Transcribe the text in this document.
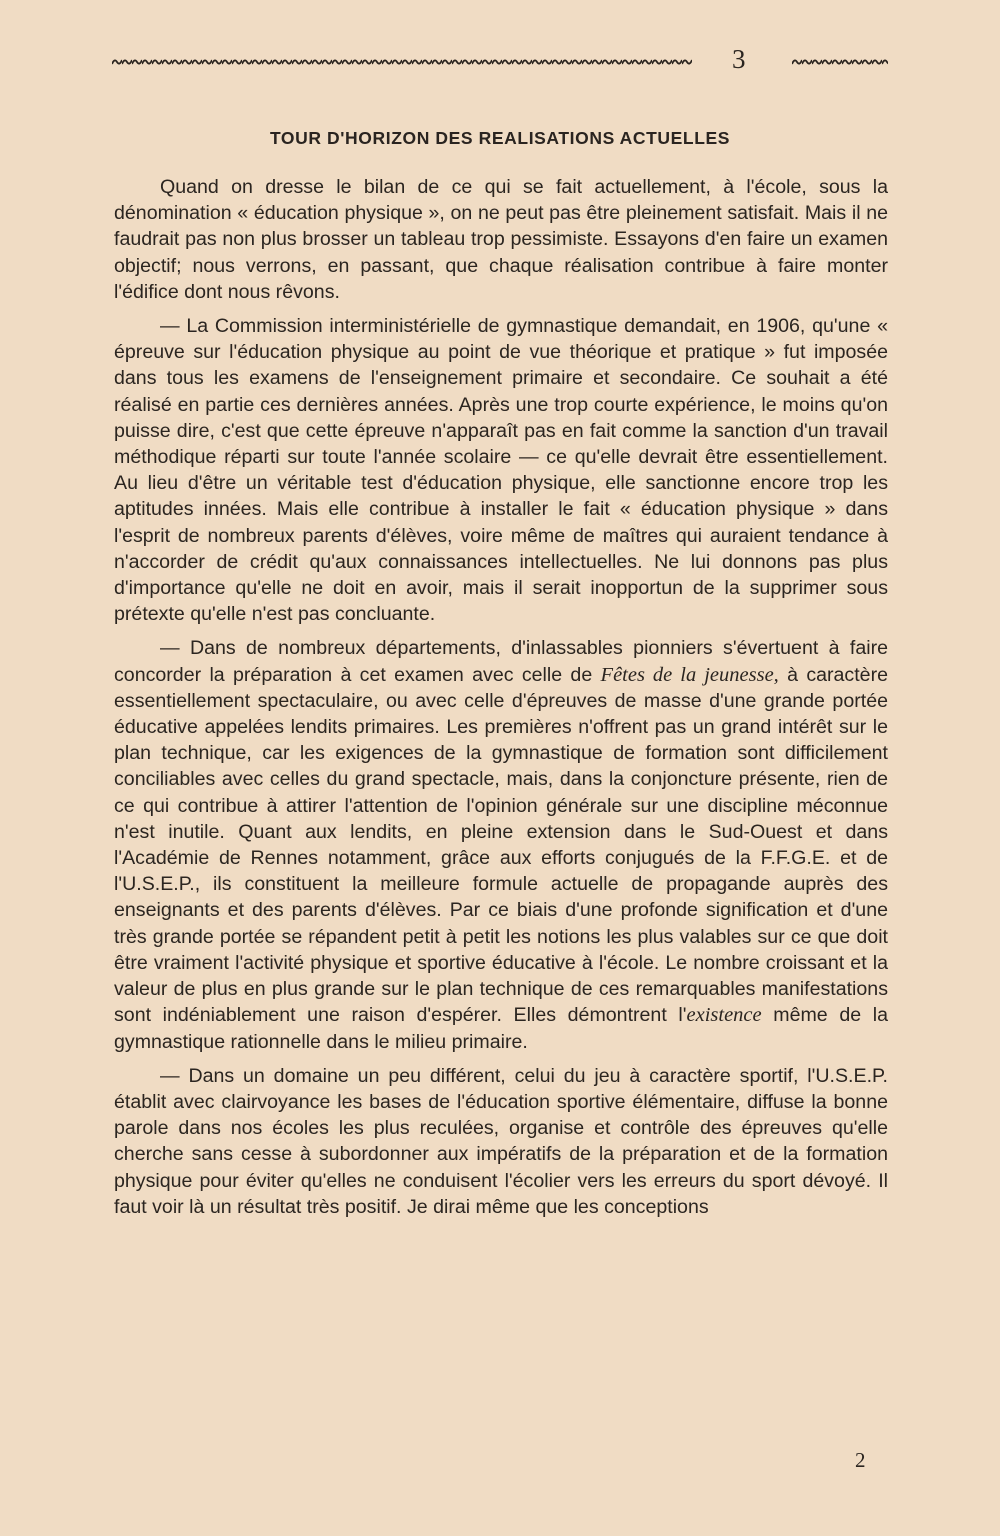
3
TOUR D'HORIZON DES REALISATIONS ACTUELLES

Quand on dresse le bilan de ce qui se fait actuellement, à l'école, sous la dénomination « éducation physique », on ne peut pas être pleinement satisfait. Mais il ne faudrait pas non plus brosser un tableau trop pessimiste. Essayons d'en faire un examen objectif; nous verrons, en passant, que chaque réalisation contribue à faire monter l'édifice dont nous rêvons.

— La Commission interministérielle de gymnastique demandait, en 1906, qu'une « épreuve sur l'éducation physique au point de vue théorique et pratique » fut imposée dans tous les examens de l'enseignement primaire et secondaire. Ce souhait a été réalisé en partie ces dernières années. Après une trop courte expérience, le moins qu'on puisse dire, c'est que cette épreuve n'apparaît pas en fait comme la sanction d'un travail méthodique réparti sur toute l'année scolaire — ce qu'elle devrait être essentiellement. Au lieu d'être un véritable test d'éducation physique, elle sanctionne encore trop les aptitudes innées. Mais elle contribue à installer le fait « éducation physique » dans l'esprit de nombreux parents d'élèves, voire même de maîtres qui auraient tendance à n'accorder de crédit qu'aux connaissances intellectuelles. Ne lui donnons pas plus d'importance qu'elle ne doit en avoir, mais il serait inopportun de la supprimer sous prétexte qu'elle n'est pas concluante.

— Dans de nombreux départements, d'inlassables pionniers s'évertuent à faire concorder la préparation à cet examen avec celle de Fêtes de la jeunesse, à caractère essentiellement spectaculaire, ou avec celle d'épreuves de masse d'une grande portée éducative appelées lendits primaires. Les premières n'offrent pas un grand intérêt sur le plan technique, car les exigences de la gymnastique de formation sont difficilement conciliables avec celles du grand spectacle, mais, dans la conjoncture présente, rien de ce qui contribue à attirer l'attention de l'opinion générale sur une discipline méconnue n'est inutile. Quant aux lendits, en pleine extension dans le Sud-Ouest et dans l'Académie de Rennes notamment, grâce aux efforts conjugués de la F.F.G.E. et de l'U.S.E.P., ils constituent la meilleure formule actuelle de propagande auprès des enseignants et des parents d'élèves. Par ce biais d'une profonde signification et d'une très grande portée se répandent petit à petit les notions les plus valables sur ce que doit être vraiment l'activité physique et sportive éducative à l'école. Le nombre croissant et la valeur de plus en plus grande sur le plan technique de ces remarquables manifestations sont indéniablement une raison d'espérer. Elles démontrent l'existence même de la gymnastique rationnelle dans le milieu primaire.

— Dans un domaine un peu différent, celui du jeu à caractère sportif, l'U.S.E.P. établit avec clairvoyance les bases de l'éducation sportive élémentaire, diffuse la bonne parole dans nos écoles les plus reculées, organise et contrôle des épreuves qu'elle cherche sans cesse à subordonner aux impératifs de la préparation et de la formation physique pour éviter qu'elles ne conduisent l'écolier vers les erreurs du sport dévoyé. Il faut voir là un résultat très positif. Je dirai même que les conceptions

2
